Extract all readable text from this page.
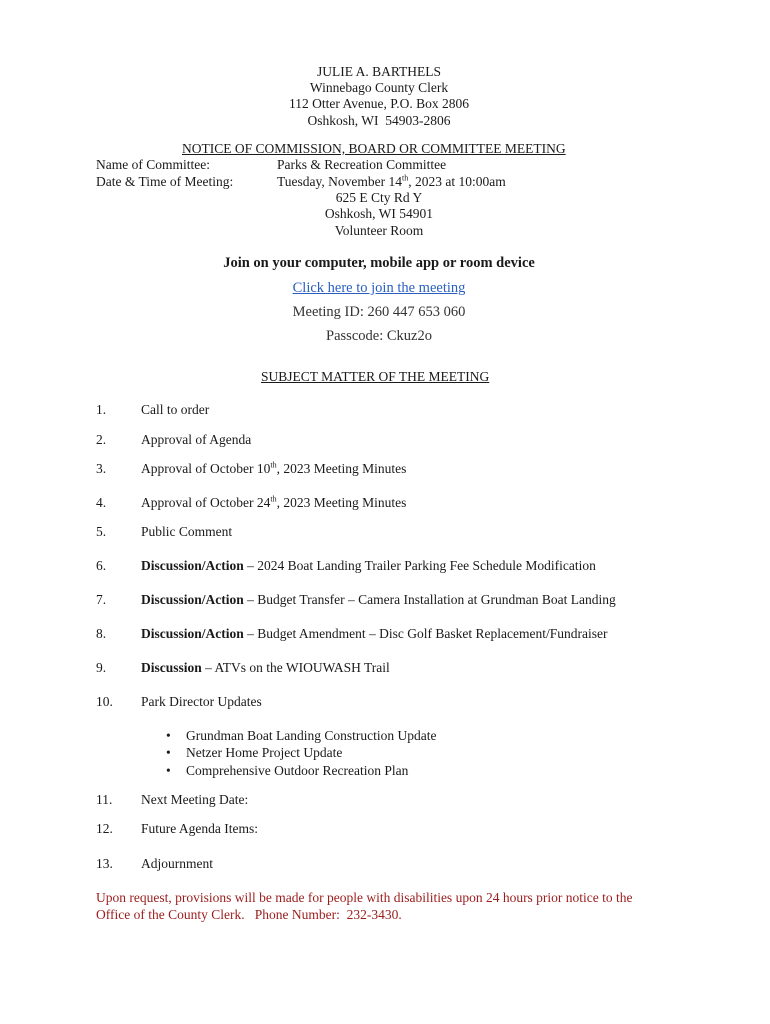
JULIE A. BARTHELS
Winnebago County Clerk
112 Otter Avenue, P.O. Box 2806
Oshkosh, WI  54903-2806
NOTICE OF COMMISSION, BOARD OR COMMITTEE MEETING
Name of Committee:	Parks & Recreation Committee
Date & Time of Meeting:	Tuesday, November 14th, 2023 at 10:00am
625 E Cty Rd Y
Oshkosh, WI 54901
Volunteer Room
Join on your computer, mobile app or room device
Click here to join the meeting
Meeting ID: 260 447 653 060
Passcode: Ckuz2o
SUBJECT MATTER OF THE MEETING
1.	Call to order
2.	Approval of Agenda
3.	Approval of October 10th, 2023 Meeting Minutes
4.	Approval of October 24th, 2023 Meeting Minutes
5.	Public Comment
6.	Discussion/Action – 2024 Boat Landing Trailer Parking Fee Schedule Modification
7.	Discussion/Action – Budget Transfer – Camera Installation at Grundman Boat Landing
8.	Discussion/Action – Budget Amendment – Disc Golf Basket Replacement/Fundraiser
9.	Discussion – ATVs on the WIOUWASH Trail
10. Park Director Updates
• Grundman Boat Landing Construction Update
• Netzer Home Project Update
• Comprehensive Outdoor Recreation Plan
11. Next Meeting Date:
12. Future Agenda Items:
13. Adjournment
Upon request, provisions will be made for people with disabilities upon 24 hours prior notice to the
Office of the County Clerk.   Phone Number:  232-3430.
